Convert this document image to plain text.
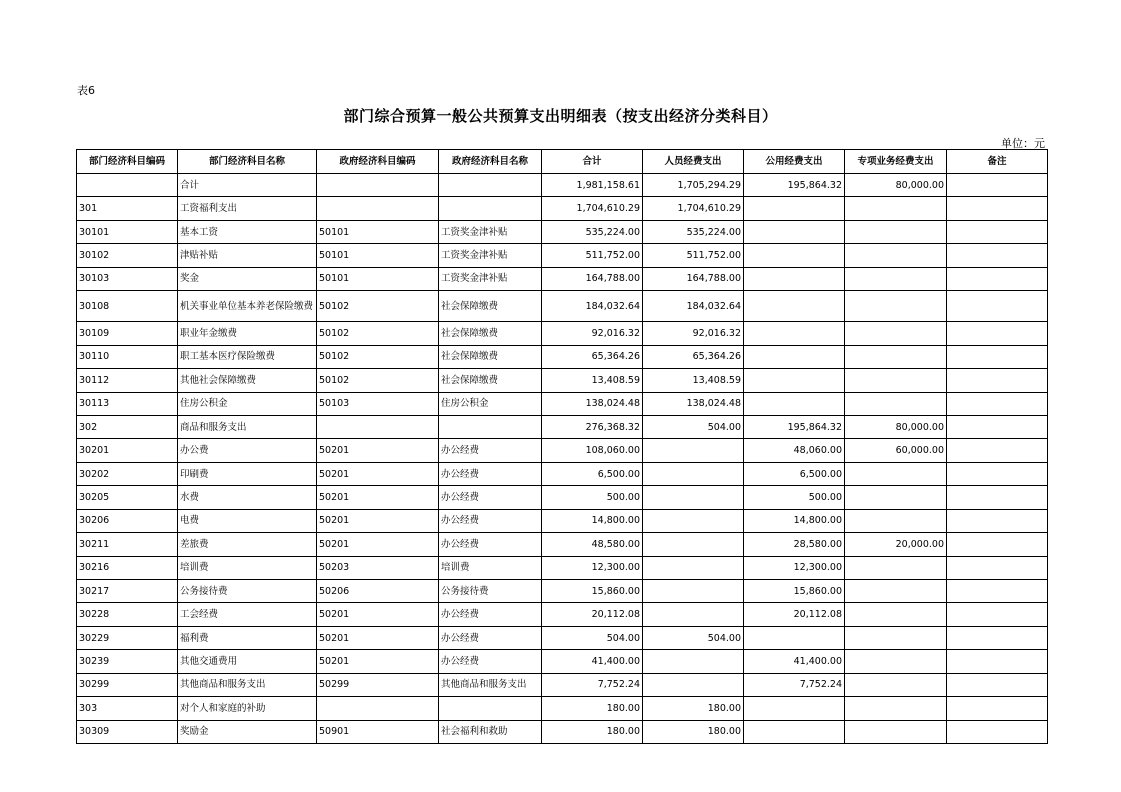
表6
部门综合预算一般公共预算支出明细表（按支出经济分类科目）
单位：元
部门经济科目编码	部门经济科目名称	政府经济科目编码	政府经济科目名称	合计	人员经费支出	公用经费支出	专项业务经费支出	备注
	合计			1,981,158.61	1,705,294.29	195,864.32	80,000.00	
301	工资福利支出			1,704,610.29	1,704,610.29			
30101	基本工资	50101	工资奖金津补贴	535,224.00	535,224.00			
30102	津贴补贴	50101	工资奖金津补贴	511,752.00	511,752.00			
30103	奖金	50101	工资奖金津补贴	164,788.00	164,788.00			
30108	机关事业单位基本养老保险缴费	50102	社会保障缴费	184,032.64	184,032.64			
30109	职业年金缴费	50102	社会保障缴费	92,016.32	92,016.32			
30110	职工基本医疗保险缴费	50102	社会保障缴费	65,364.26	65,364.26			
30112	其他社会保障缴费	50102	社会保障缴费	13,408.59	13,408.59			
30113	住房公积金	50103	住房公积金	138,024.48	138,024.48			
302	商品和服务支出			276,368.32	504.00	195,864.32	80,000.00	
30201	办公费	50201	办公经费	108,060.00		48,060.00	60,000.00	
30202	印刷费	50201	办公经费	6,500.00		6,500.00		
30205	水费	50201	办公经费	500.00		500.00		
30206	电费	50201	办公经费	14,800.00		14,800.00		
30211	差旅费	50201	办公经费	48,580.00		28,580.00	20,000.00	
30216	培训费	50203	培训费	12,300.00		12,300.00		
30217	公务接待费	50206	公务接待费	15,860.00		15,860.00		
30228	工会经费	50201	办公经费	20,112.08		20,112.08		
30229	福利费	50201	办公经费	504.00	504.00			
30239	其他交通费用	50201	办公经费	41,400.00		41,400.00		
30299	其他商品和服务支出	50299	其他商品和服务支出	7,752.24		7,752.24		
303	对个人和家庭的补助			180.00	180.00			
30309	奖励金	50901	社会福利和救助	180.00	180.00			
